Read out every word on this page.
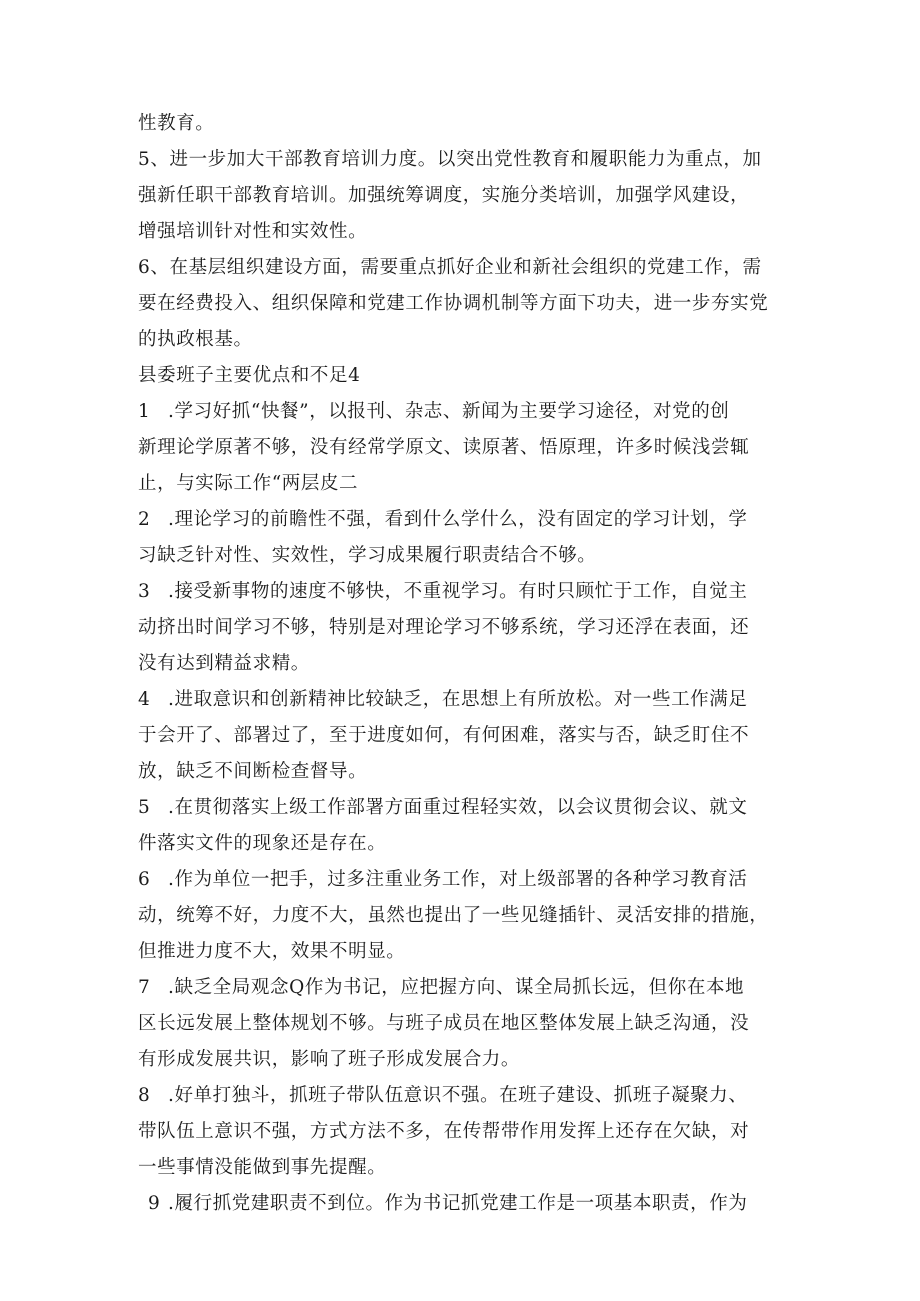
性教育。
5、进一步加大干部教育培训力度。以突出党性教育和履职能力为重点，加
强新任职干部教育培训。加强统筹调度，实施分类培训，加强学风建设，
增强培训针对性和实效性。
6、在基层组织建设方面，需要重点抓好企业和新社会组织的党建工作，需
要在经费投入、组织保障和党建工作协调机制等方面下功夫，进一步夯实党
的执政根基。
县委班子主要优点和不足4
1 .学习好抓“快餐”，以报刊、杂志、新闻为主要学习途径，对党的创
新理论学原著不够，没有经常学原文、读原著、悟原理，许多时候浅尝辄
止，与实际工作“两层皮二
2 .理论学习的前瞻性不强，看到什么学什么，没有固定的学习计划，学
习缺乏针对性、实效性，学习成果履行职责结合不够。
3 .接受新事物的速度不够快，不重视学习。有时只顾忙于工作，自觉主
动挤出时间学习不够，特别是对理论学习不够系统，学习还浮在表面，还
没有达到精益求精。
4 .进取意识和创新精神比较缺乏，在思想上有所放松。对一些工作满足
于会开了、部署过了，至于进度如何，有何困难，落实与否，缺乏盯住不
放，缺乏不间断检查督导。
5 .在贯彻落实上级工作部署方面重过程轻实效，以会议贯彻会议、就文
件落实文件的现象还是存在。
6 .作为单位一把手，过多注重业务工作，对上级部署的各种学习教育活
动，统筹不好，力度不大，虽然也提出了一些见缝插针、灵活安排的措施，
但推进力度不大，效果不明显。
7 .缺乏全局观念Q作为书记，应把握方向、谋全局抓长远，但你在本地
区长远发展上整体规划不够。与班子成员在地区整体发展上缺乏沟通，没
有形成发展共识，影响了班子形成发展合力。
8 .好单打独斗，抓班子带队伍意识不强。在班子建设、抓班子凝聚力、
带队伍上意识不强，方式方法不多，在传帮带作用发挥上还存在欠缺，对
一些事情没能做到事先提醒。
9 .履行抓党建职责不到位。作为书记抓党建工作是一项基本职责，作为
